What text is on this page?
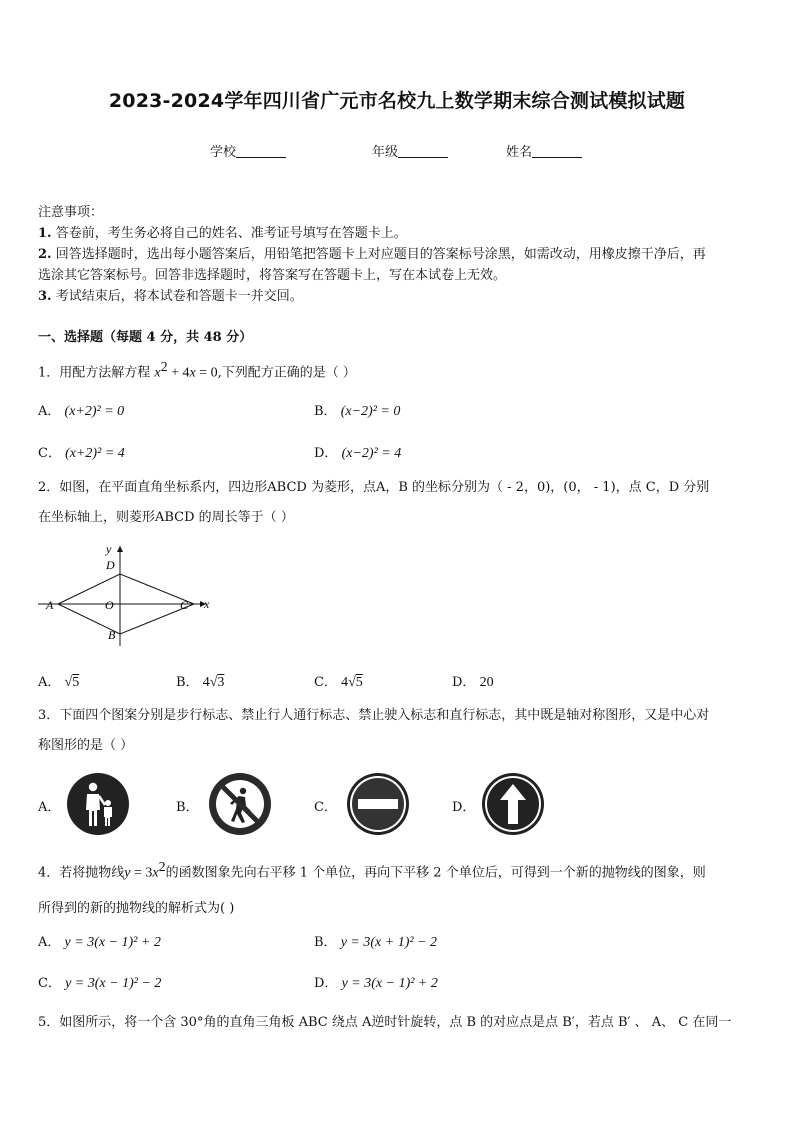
2023-2024学年四川省广元市名校九上数学期末综合测试模拟试题
学校	年级	姓名
注意事项：
1. 答卷前，考生务必将自己的姓名、准考证号填写在答题卡上。
2. 回答选择题时，选出每小题答案后，用铅笔把答题卡上对应题目的答案标号涂黑，如需改动，用橡皮擦干净后，再
选涂其它答案标号。回答非选择题时，将答案写在答题卡上，写在本试卷上无效。
3. 考试结束后，将本试卷和答题卡一并交回。
一、选择题（每题 4 分，共 48 分）
1．用配方法解方程 $x^2 + 4x = 0$,下列配方正确的是（ ）
A． (x+2)² = 0	B． (x−2)² = 0
C． (x+2)² = 4	D． (x−2)² = 4
2．如图，在平面直角坐标系内，四边形ABCD 为菱形，点A，B 的坐标分别为（ - 2，0)，(0， - 1)，点 C，D 分别
在坐标轴上，则菱形ABCD 的周长等于（ ）
y
x
D
A	O	C
B
A． √5	B． 4√3	C． 4√5	D． 20
3．下面四个图案分别是步行标志、禁止行人通行标志、禁止驶入标志和直行标志，其中既是轴对称图形，又是中心对
称图形的是（ ）
A．	B．	C．	D．
4．若将抛物线$y = 3x^2$的函数图象先向右平移 1 个单位，再向下平移 2 个单位后，可得到一个新的抛物线的图象，则
所得到的新的抛物线的解析式为( )
A． y = 3(x − 1)² + 2	B． y = 3(x + 1)² − 2
C． y = 3(x − 1)² − 2	D． y = 3(x − 1)² + 2
5．如图所示，将一个含 30°角的直角三角板 ABC 绕点 A逆时针旋转，点 B 的对应点是点 B′，若点 B′ 、 A、 C 在同一
